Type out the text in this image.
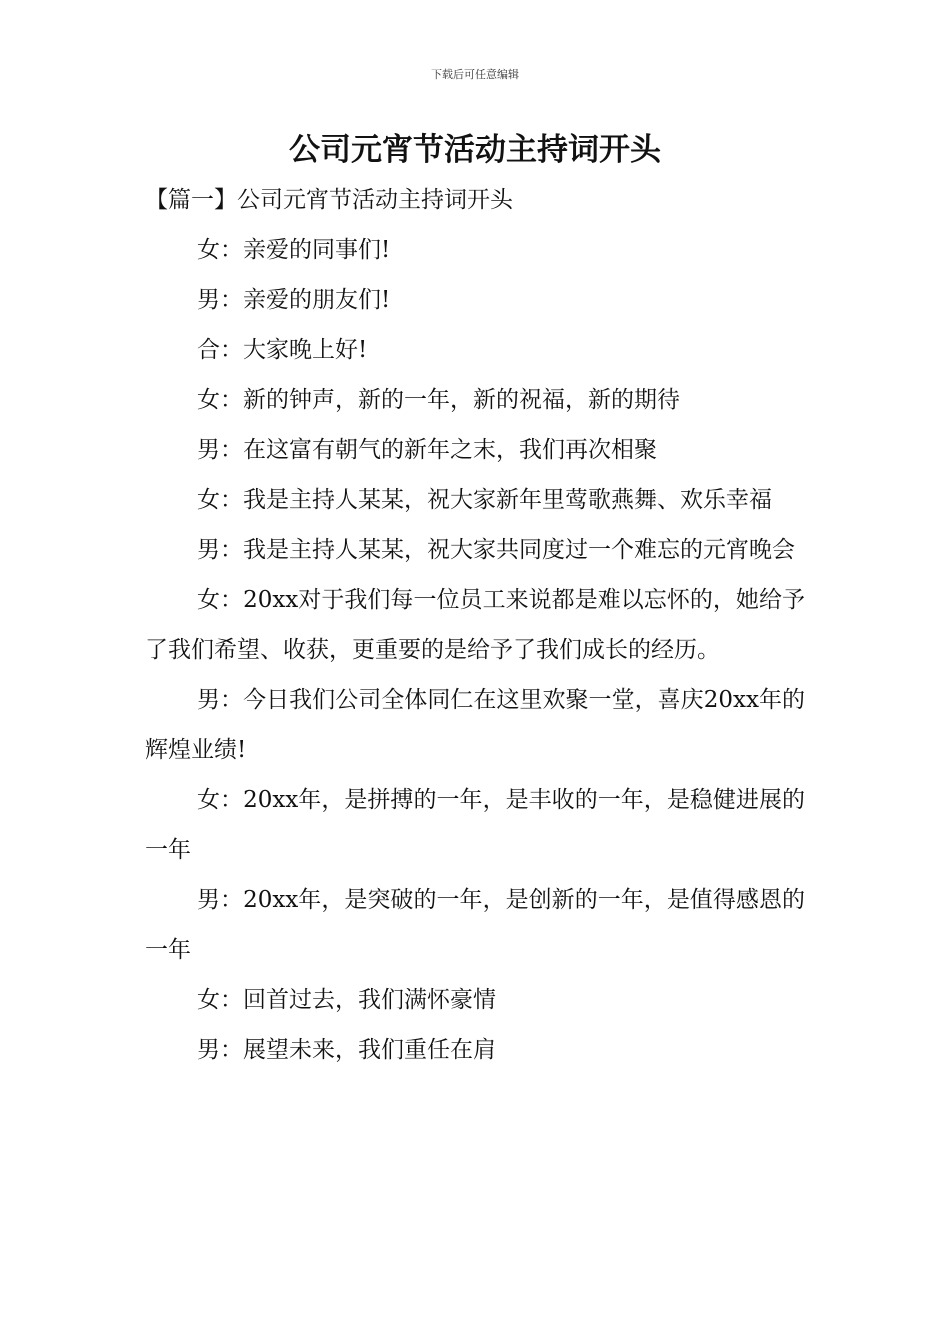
下载后可任意编辑
公司元宵节活动主持词开头

【篇一】公司元宵节活动主持词开头

女：亲爱的同事们!

男：亲爱的朋友们!

合：大家晚上好!

女：新的钟声，新的一年，新的祝福，新的期待

男：在这富有朝气的新年之末，我们再次相聚

女：我是主持人某某，祝大家新年里莺歌燕舞、欢乐幸福

男：我是主持人某某，祝大家共同度过一个难忘的元宵晚会

女：20xx对于我们每一位员工来说都是难以忘怀的，她给予了我们希望、收获，更重要的是给予了我们成长的经历。

男：今日我们公司全体同仁在这里欢聚一堂，喜庆20xx年的辉煌业绩!

女：20xx年，是拼搏的一年，是丰收的一年，是稳健进展的一年

男：20xx年，是突破的一年，是创新的一年，是值得感恩的一年

女：回首过去，我们满怀豪情

男：展望未来，我们重任在肩
